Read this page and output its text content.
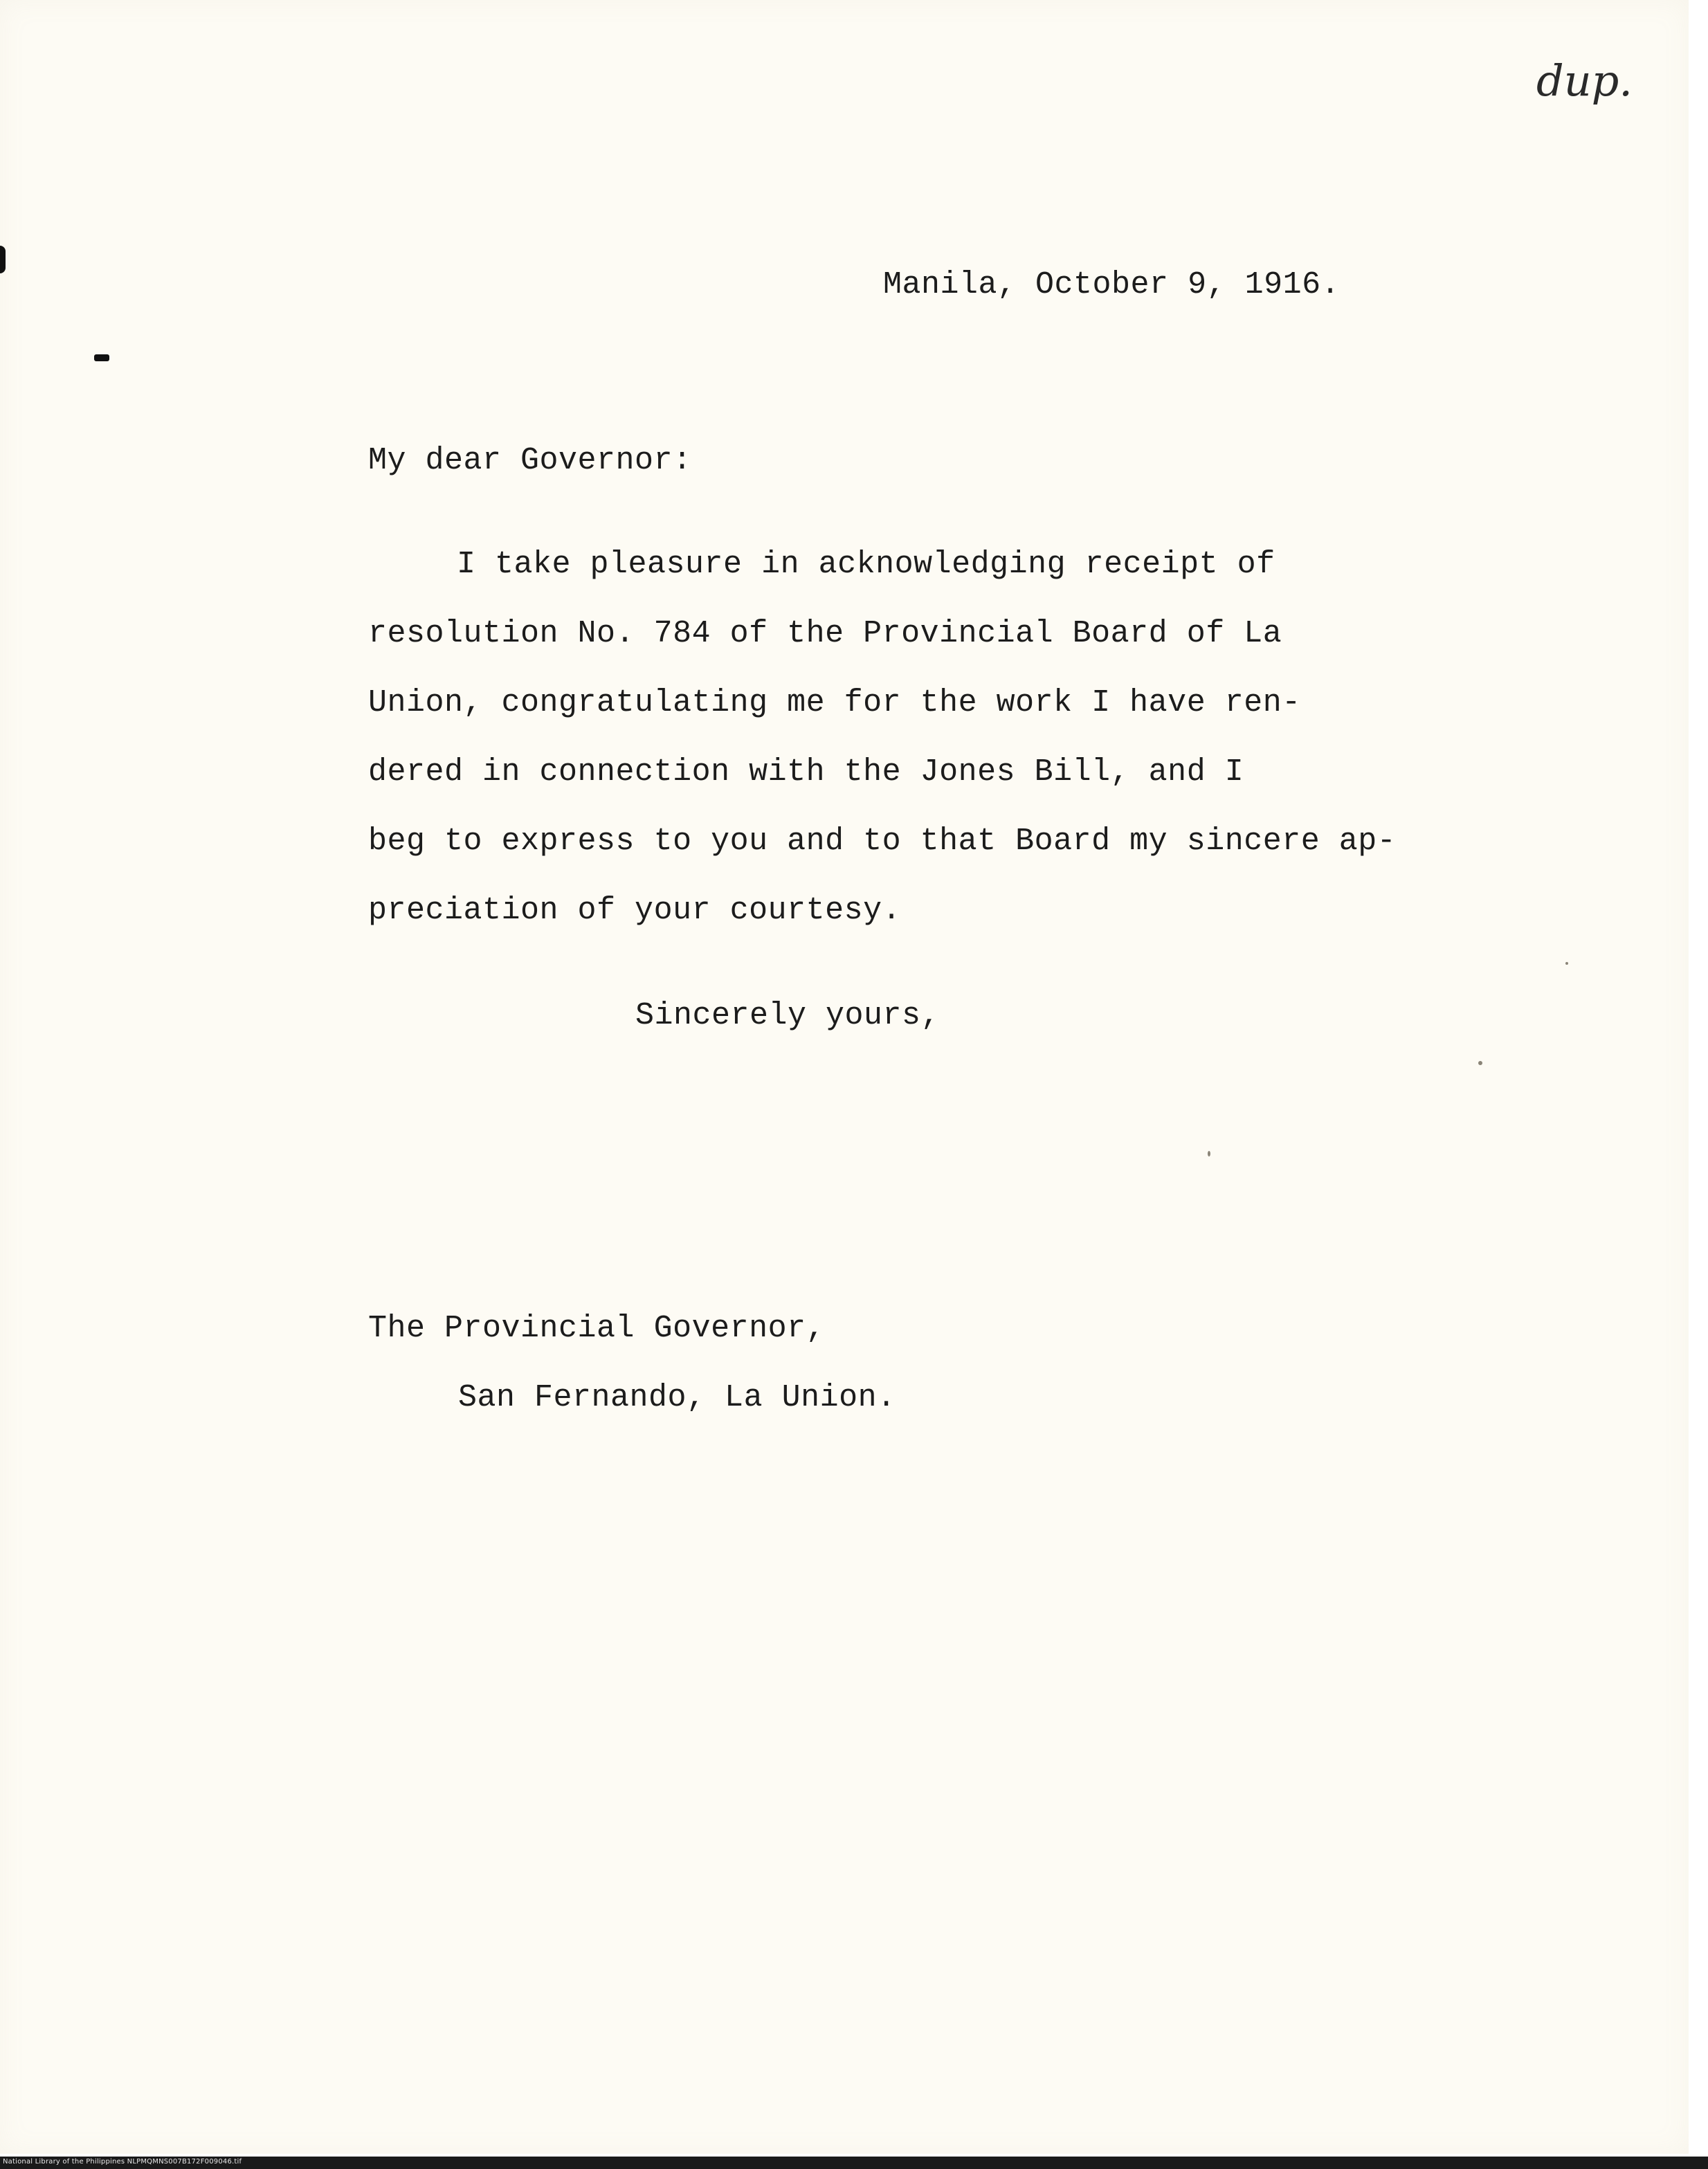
dup.
Manila, October 9, 1916.
My dear Governor:
I take pleasure in acknowledging receipt of
resolution No. 784 of the Provincial Board of La
Union, congratulating me for the work I have ren-
dered in connection with the Jones Bill, and I
beg to express to you and to that Board my sincere ap-
preciation of your courtesy.
Sincerely yours,
The Provincial Governor,
San Fernando, La Union.
National Library of the Philippines NLPMQMNS007B172F009046.tif
